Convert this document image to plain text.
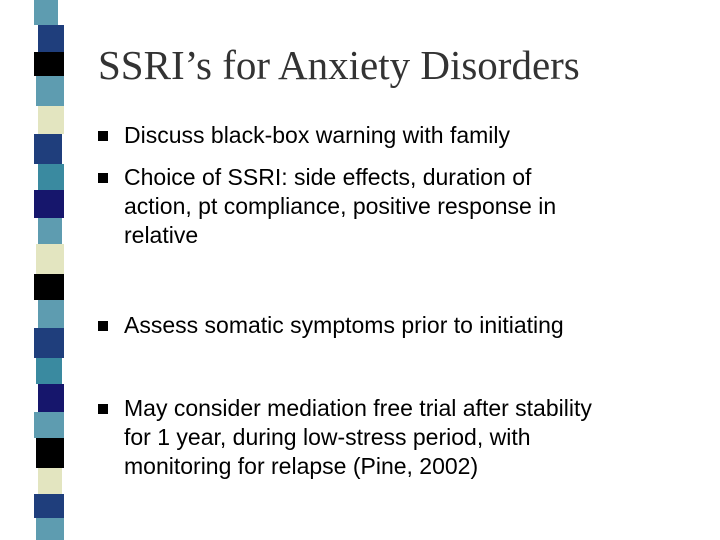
SSRI’s for Anxiety Disorders
Discuss black-box warning with family
Choice of SSRI: side effects, duration of
action, pt compliance, positive response in
relative
Assess somatic symptoms prior to initiating
May consider mediation free trial after stability
for 1 year, during low-stress period, with
monitoring for relapse (Pine, 2002)
